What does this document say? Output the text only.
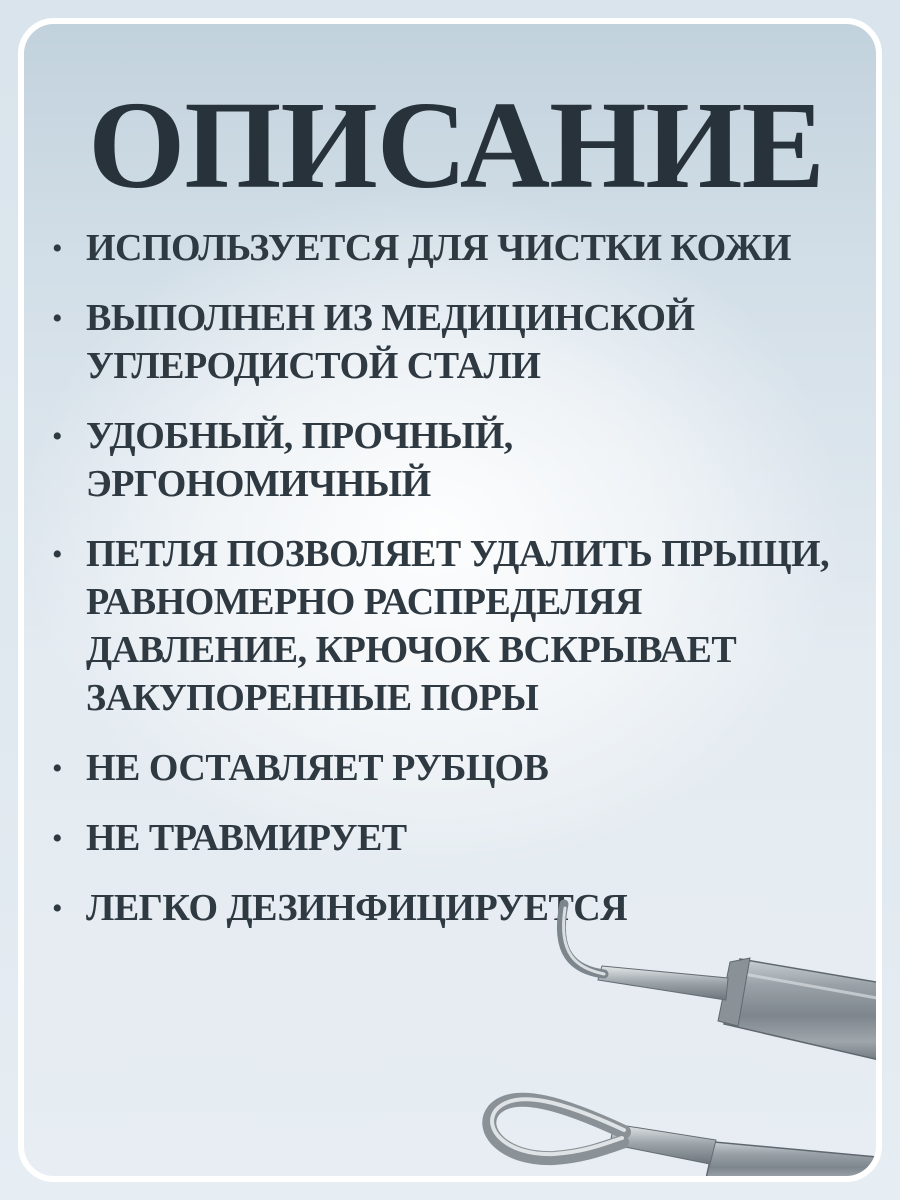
ОПИСАНИЕ
• ИСПОЛЬЗУЕТСЯ ДЛЯ ЧИСТКИ КОЖИ
• ВЫПОЛНЕН ИЗ МЕДИЦИНСКОЙ
УГЛЕРОДИСТОЙ СТАЛИ
• УДОБНЫЙ, ПРОЧНЫЙ,
ЭРГОНОМИЧНЫЙ
• ПЕТЛЯ ПОЗВОЛЯЕТ УДАЛИТЬ ПРЫЩИ,
РАВНОМЕРНО РАСПРЕДЕЛЯЯ
ДАВЛЕНИЕ, КРЮЧОК ВСКРЫВАЕТ
ЗАКУПОРЕННЫЕ ПОРЫ
• НЕ ОСТАВЛЯЕТ РУБЦОВ
• НЕ ТРАВМИРУЕТ
• ЛЕГКО ДЕЗИНФИЦИРУЕТСЯ
